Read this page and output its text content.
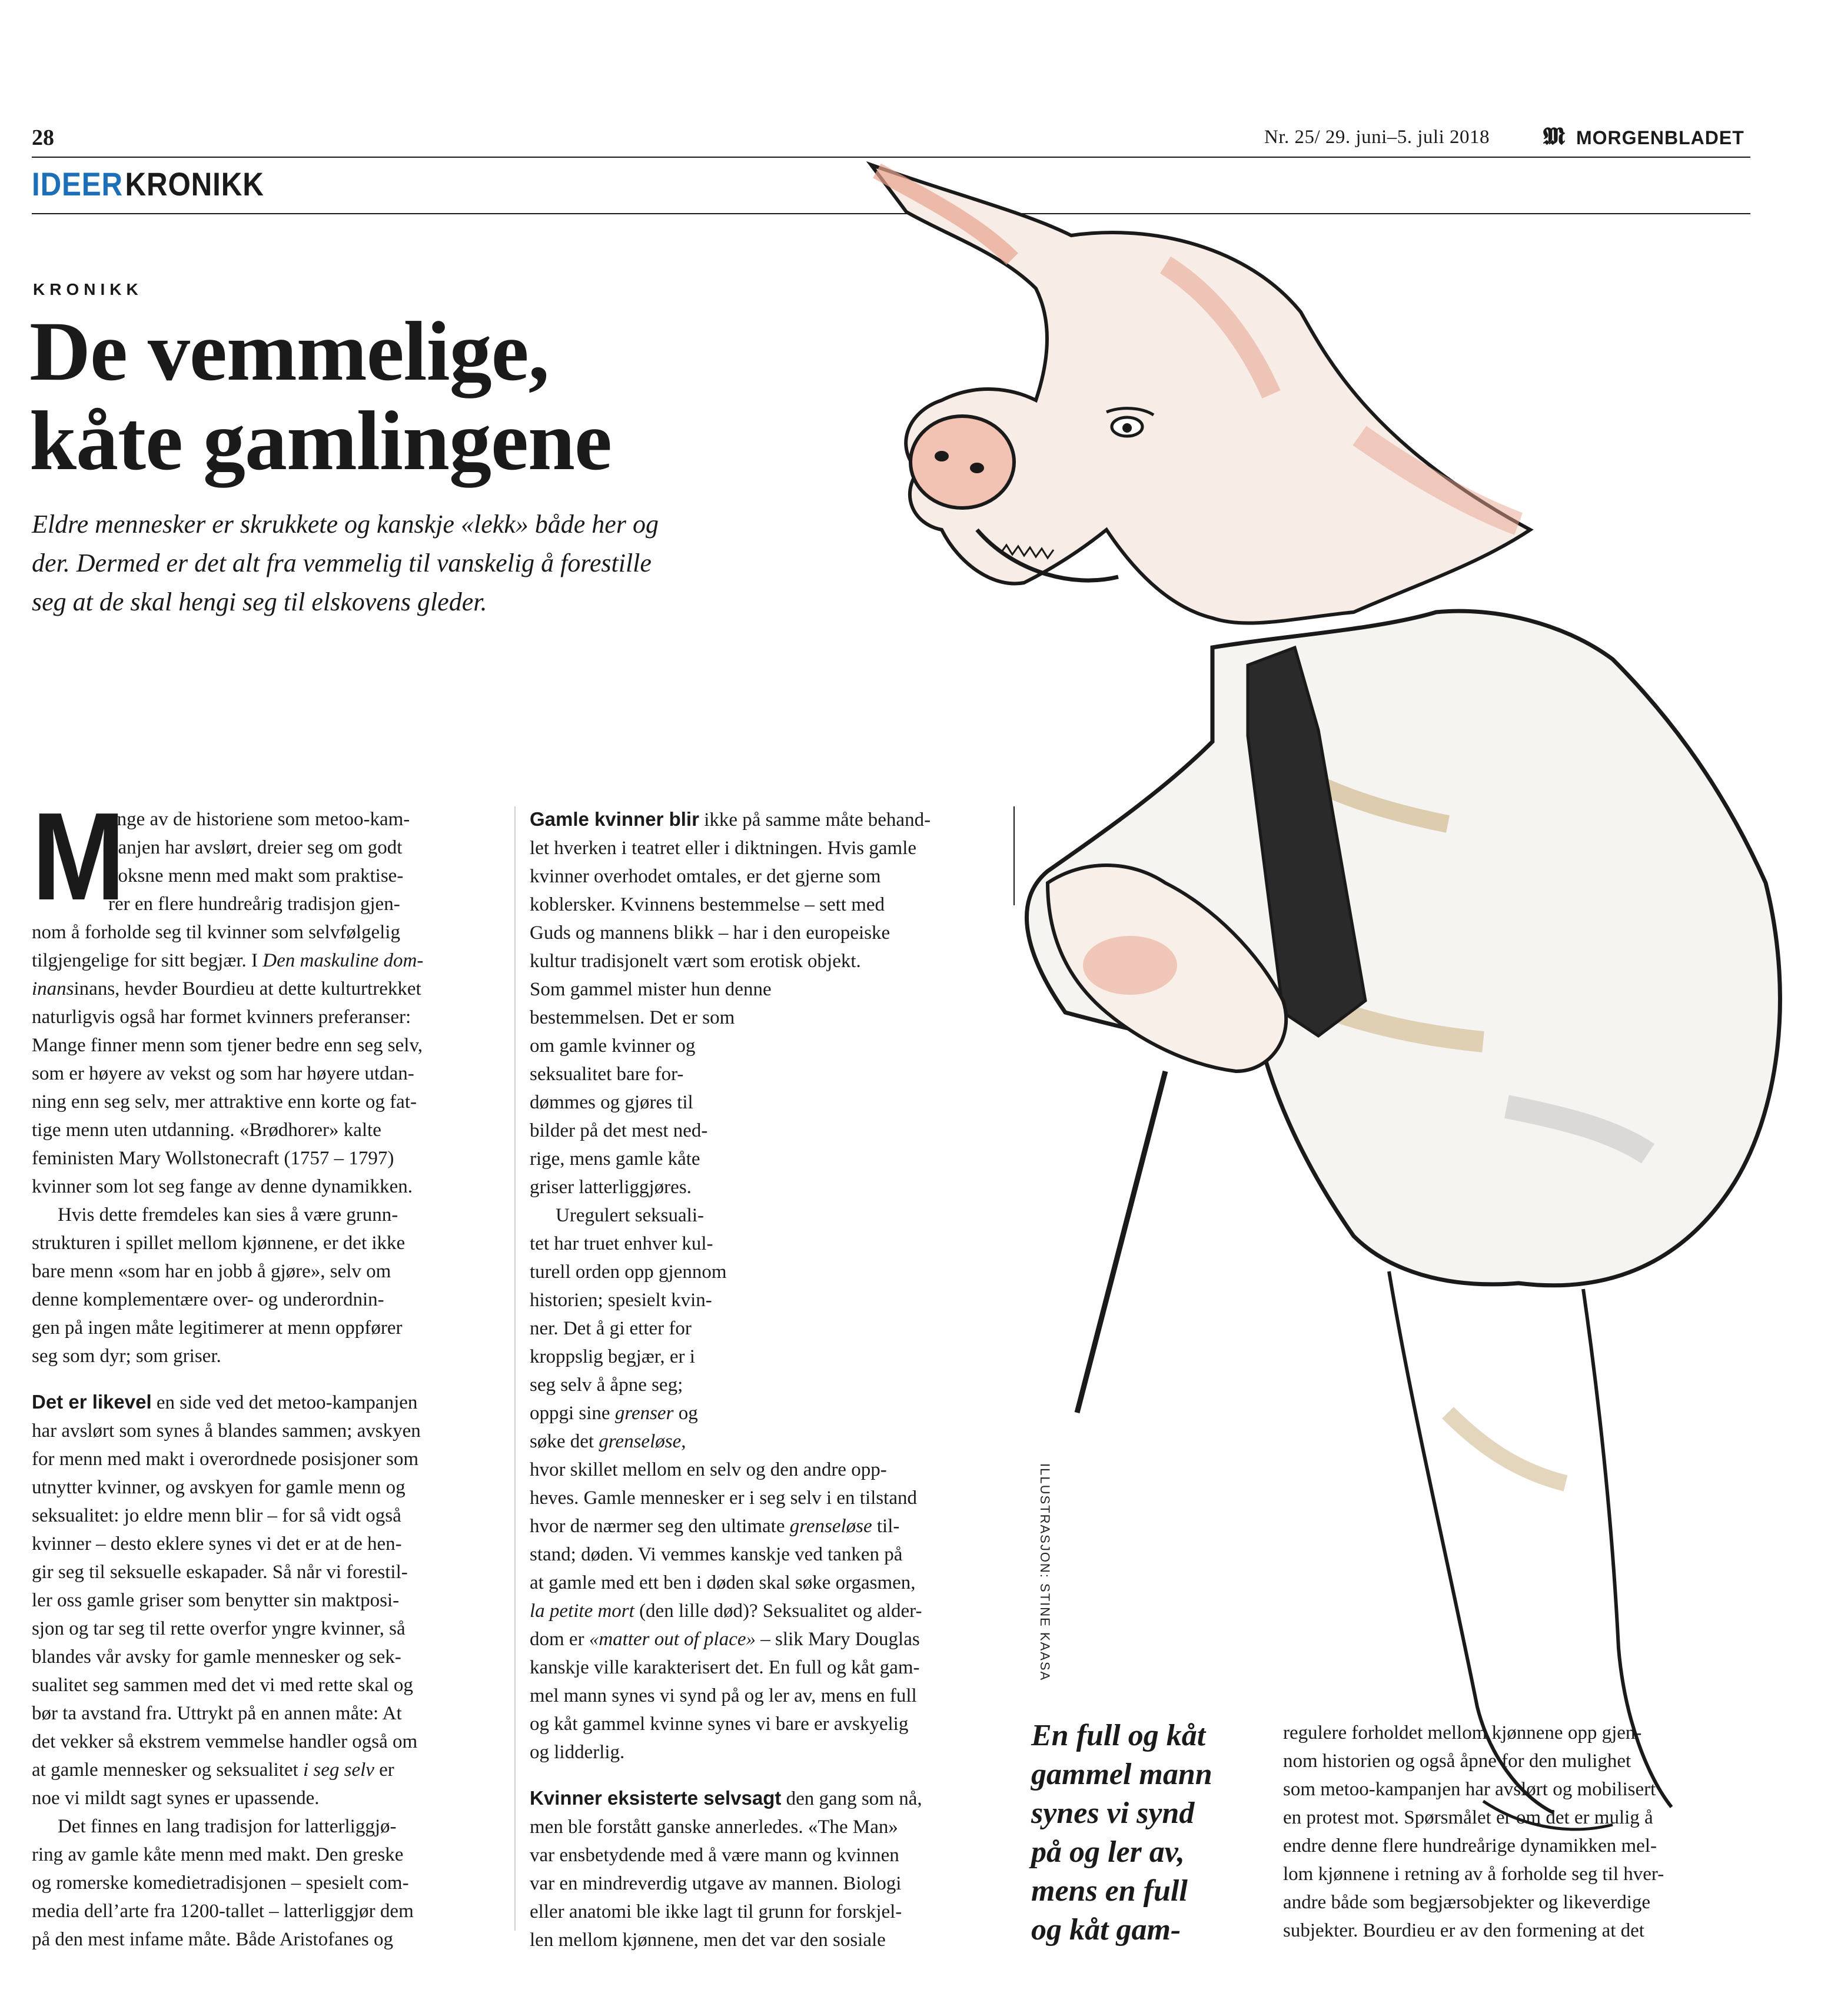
28	Nr. 25/ 29. juni–5. juli 2018 𝕸 MORGENBLADET
IDEERKRONIKK
KRONIKK
De vemmelige,
kåte gamlingene
Eldre mennesker er skrukkete og kanskje «lekk» både her og
der. Dermed er det alt fra vemmelig til vanskelig å forestille
seg at de skal hengi seg til elskovens gleder.
M
ange av de historiene som metoo-kam-
panjen har avslørt, dreier seg om godt
voksne menn med makt som praktise-
rer en flere hundreårig tradisjon gjen-
nom å forholde seg til kvinner som selvfølgelig
tilgjengelige for sitt begjær. I Den maskuline dom-
inansinans, hevder Bourdieu at dette kulturtrekket
naturligvis også har formet kvinners preferanser:
Mange finner menn som tjener bedre enn seg selv,
som er høyere av vekst og som har høyere utdan-
ning enn seg selv, mer attraktive enn korte og fat-
tige menn uten utdanning. «Brødhorer» kalte
feministen Mary Wollstonecraft (1757 – 1797)
kvinner som lot seg fange av denne dynamikken.
Hvis dette fremdeles kan sies å være grunn-
strukturen i spillet mellom kjønnene, er det ikke
bare menn «som har en jobb å gjøre», selv om
denne komplementære over- og underordnin-
gen på ingen måte legitimerer at menn oppfører
seg som dyr; som griser.
Det er likevel en side ved det metoo-kampanjen
har avslørt som synes å blandes sammen; avskyen
for menn med makt i overordnede posisjoner som
utnytter kvinner, og avskyen for gamle menn og
seksualitet: jo eldre menn blir – for så vidt også
kvinner – desto eklere synes vi det er at de hen-
gir seg til seksuelle eskapader. Så når vi forestil-
ler oss gamle griser som benytter sin maktposi-
sjon og tar seg til rette overfor yngre kvinner, så
blandes vår avsky for gamle mennesker og sek-
sualitet seg sammen med det vi med rette skal og
bør ta avstand fra. Uttrykt på en annen måte: At
det vekker så ekstrem vemmelse handler også om
at gamle mennesker og seksualitet i seg selv er
noe vi mildt sagt synes er upassende.
Det finnes en lang tradisjon for latterliggjø-
ring av gamle kåte menn med makt. Den greske
og romerske komedietradisjonen – spesielt com-
media dell’arte fra 1200-tallet – latterliggjør dem
på den mest infame måte. Både Aristofanes og
Gamle kvinner blir ikke på samme måte behand-
let hverken i teatret eller i diktningen. Hvis gamle
kvinner overhodet omtales, er det gjerne som
koblersker. Kvinnens bestemmelse – sett med
Guds og mannens blikk – har i den europeiske
kultur tradisjonelt vært som erotisk objekt.
Som gammel mister hun denne
bestemmelsen. Det er som
om gamle kvinner og
seksualitet bare for-
dømmes og gjøres til
bilder på det mest ned-
rige, mens gamle kåte
griser latterliggjøres.
Uregulert seksuali-
tet har truet enhver kul-
turell orden opp gjennom
historien; spesielt kvin-
ner. Det å gi etter for
kroppslig begjær, er i
seg selv å åpne seg;
oppgi sine grenser og
søke det grenseløse,
hvor skillet mellom en selv og den andre opp-
heves. Gamle mennesker er i seg selv i en tilstand
hvor de nærmer seg den ultimate grenseløse til-
stand; døden. Vi vemmes kanskje ved tanken på
at gamle med ett ben i døden skal søke orgasmen,
la petite mort (den lille død)? Seksualitet og alder-
dom er «matter out of place» – slik Mary Douglas
kanskje ville karakterisert det. En full og kåt gam-
mel mann synes vi synd på og ler av, mens en full
og kåt gammel kvinne synes vi bare er avskyelig
og lidderlig.
Kvinner eksisterte selvsagt den gang som nå,
men ble forstått ganske annerledes. «The Man»
var ensbetydende med å være mann og kvinnen
var en mindreverdig utgave av mannen. Biologi
eller anatomi ble ikke lagt til grunn for forskjel-
len mellom kjønnene, men det var den sosiale
ILLUSTRASJON: STINE KAASA
En full og kåt
gammel mann
synes vi synd
på og ler av,
mens en full
og kåt gam-
regulere forholdet mellom kjønnene opp gjen-
nom historien og også åpne for den mulighet
som metoo-kampanjen har avslørt og mobilisert
en protest mot. Spørsmålet er om det er mulig å
endre denne flere hundreårige dynamikken mel-
lom kjønnene i retning av å forholde seg til hver-
andre både som begjærsobjekter og likeverdige
subjekter. Bourdieu er av den formening at det
